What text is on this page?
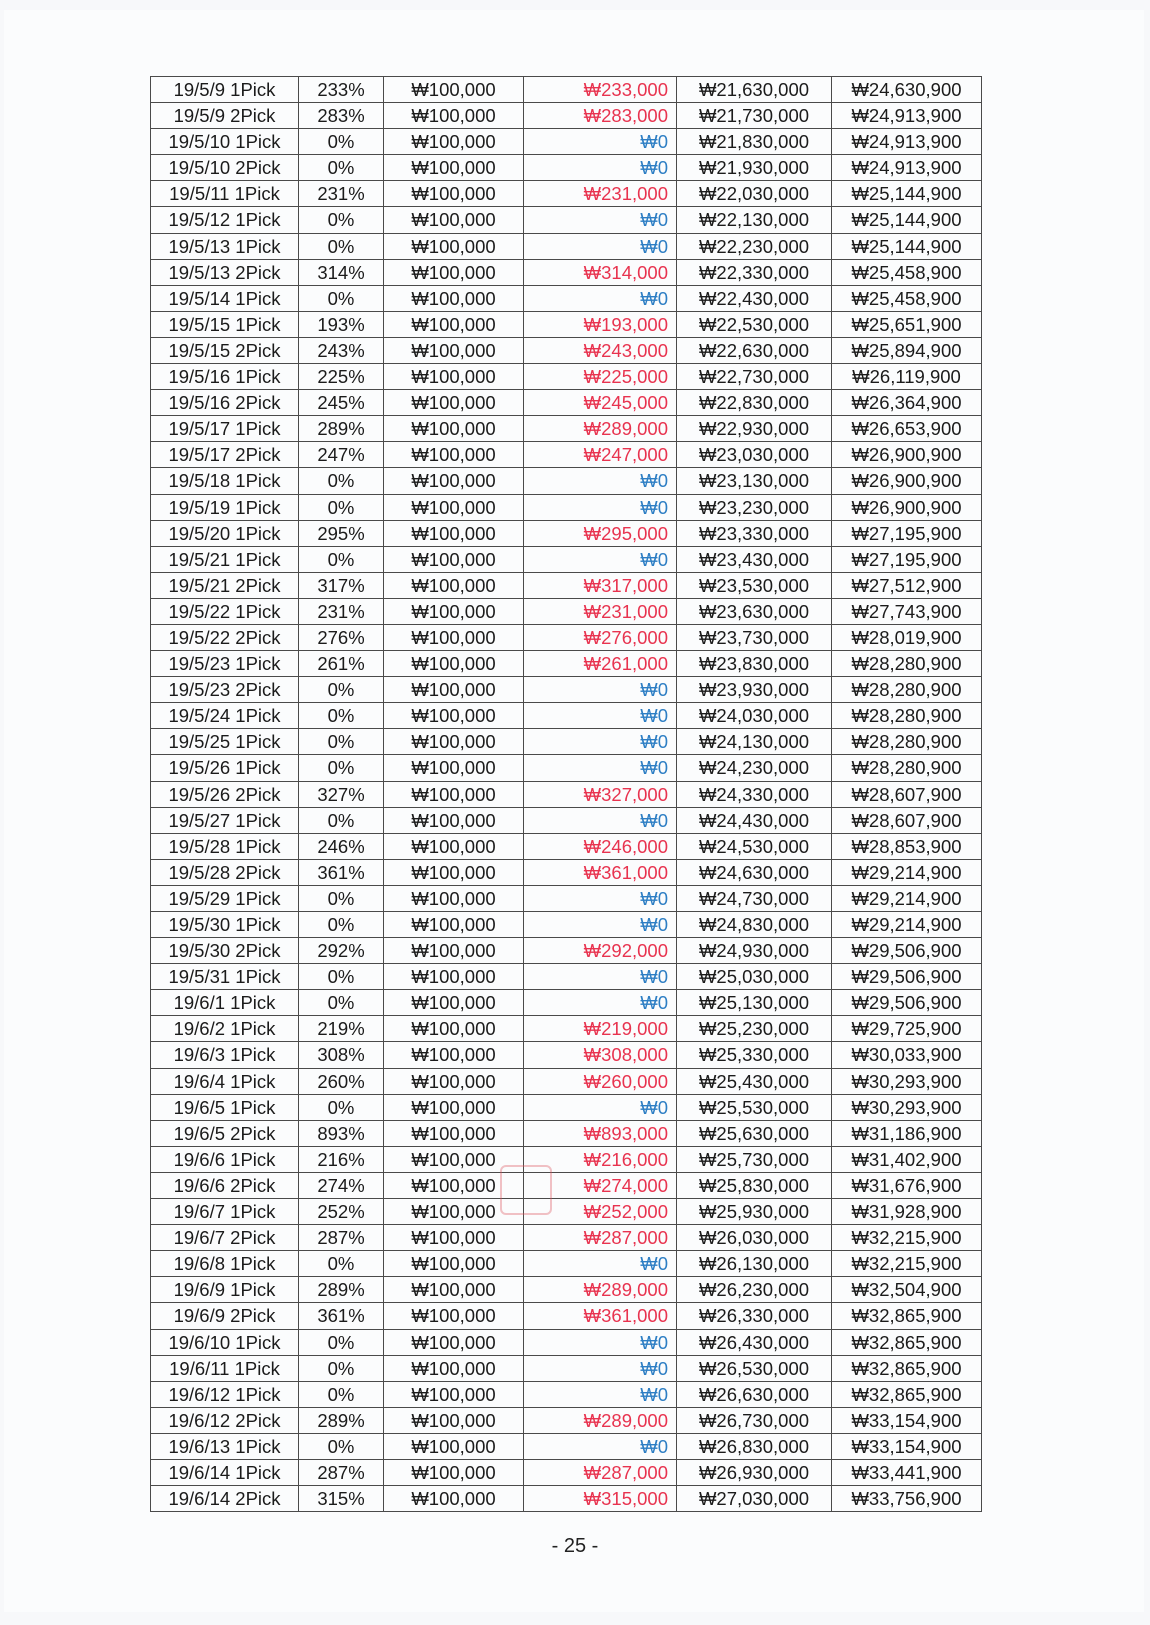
19/5/9 1Pick	233%	₩100,000	₩233,000	₩21,630,000	₩24,630,900
19/5/9 2Pick	283%	₩100,000	₩283,000	₩21,730,000	₩24,913,900
19/5/10 1Pick	0%	₩100,000	₩0	₩21,830,000	₩24,913,900
19/5/10 2Pick	0%	₩100,000	₩0	₩21,930,000	₩24,913,900
19/5/11 1Pick	231%	₩100,000	₩231,000	₩22,030,000	₩25,144,900
19/5/12 1Pick	0%	₩100,000	₩0	₩22,130,000	₩25,144,900
19/5/13 1Pick	0%	₩100,000	₩0	₩22,230,000	₩25,144,900
19/5/13 2Pick	314%	₩100,000	₩314,000	₩22,330,000	₩25,458,900
19/5/14 1Pick	0%	₩100,000	₩0	₩22,430,000	₩25,458,900
19/5/15 1Pick	193%	₩100,000	₩193,000	₩22,530,000	₩25,651,900
19/5/15 2Pick	243%	₩100,000	₩243,000	₩22,630,000	₩25,894,900
19/5/16 1Pick	225%	₩100,000	₩225,000	₩22,730,000	₩26,119,900
19/5/16 2Pick	245%	₩100,000	₩245,000	₩22,830,000	₩26,364,900
19/5/17 1Pick	289%	₩100,000	₩289,000	₩22,930,000	₩26,653,900
19/5/17 2Pick	247%	₩100,000	₩247,000	₩23,030,000	₩26,900,900
19/5/18 1Pick	0%	₩100,000	₩0	₩23,130,000	₩26,900,900
19/5/19 1Pick	0%	₩100,000	₩0	₩23,230,000	₩26,900,900
19/5/20 1Pick	295%	₩100,000	₩295,000	₩23,330,000	₩27,195,900
19/5/21 1Pick	0%	₩100,000	₩0	₩23,430,000	₩27,195,900
19/5/21 2Pick	317%	₩100,000	₩317,000	₩23,530,000	₩27,512,900
19/5/22 1Pick	231%	₩100,000	₩231,000	₩23,630,000	₩27,743,900
19/5/22 2Pick	276%	₩100,000	₩276,000	₩23,730,000	₩28,019,900
19/5/23 1Pick	261%	₩100,000	₩261,000	₩23,830,000	₩28,280,900
19/5/23 2Pick	0%	₩100,000	₩0	₩23,930,000	₩28,280,900
19/5/24 1Pick	0%	₩100,000	₩0	₩24,030,000	₩28,280,900
19/5/25 1Pick	0%	₩100,000	₩0	₩24,130,000	₩28,280,900
19/5/26 1Pick	0%	₩100,000	₩0	₩24,230,000	₩28,280,900
19/5/26 2Pick	327%	₩100,000	₩327,000	₩24,330,000	₩28,607,900
19/5/27 1Pick	0%	₩100,000	₩0	₩24,430,000	₩28,607,900
19/5/28 1Pick	246%	₩100,000	₩246,000	₩24,530,000	₩28,853,900
19/5/28 2Pick	361%	₩100,000	₩361,000	₩24,630,000	₩29,214,900
19/5/29 1Pick	0%	₩100,000	₩0	₩24,730,000	₩29,214,900
19/5/30 1Pick	0%	₩100,000	₩0	₩24,830,000	₩29,214,900
19/5/30 2Pick	292%	₩100,000	₩292,000	₩24,930,000	₩29,506,900
19/5/31 1Pick	0%	₩100,000	₩0	₩25,030,000	₩29,506,900
19/6/1 1Pick	0%	₩100,000	₩0	₩25,130,000	₩29,506,900
19/6/2 1Pick	219%	₩100,000	₩219,000	₩25,230,000	₩29,725,900
19/6/3 1Pick	308%	₩100,000	₩308,000	₩25,330,000	₩30,033,900
19/6/4 1Pick	260%	₩100,000	₩260,000	₩25,430,000	₩30,293,900
19/6/5 1Pick	0%	₩100,000	₩0	₩25,530,000	₩30,293,900
19/6/5 2Pick	893%	₩100,000	₩893,000	₩25,630,000	₩31,186,900
19/6/6 1Pick	216%	₩100,000	₩216,000	₩25,730,000	₩31,402,900
19/6/6 2Pick	274%	₩100,000	₩274,000	₩25,830,000	₩31,676,900
19/6/7 1Pick	252%	₩100,000	₩252,000	₩25,930,000	₩31,928,900
19/6/7 2Pick	287%	₩100,000	₩287,000	₩26,030,000	₩32,215,900
19/6/8 1Pick	0%	₩100,000	₩0	₩26,130,000	₩32,215,900
19/6/9 1Pick	289%	₩100,000	₩289,000	₩26,230,000	₩32,504,900
19/6/9 2Pick	361%	₩100,000	₩361,000	₩26,330,000	₩32,865,900
19/6/10 1Pick	0%	₩100,000	₩0	₩26,430,000	₩32,865,900
19/6/11 1Pick	0%	₩100,000	₩0	₩26,530,000	₩32,865,900
19/6/12 1Pick	0%	₩100,000	₩0	₩26,630,000	₩32,865,900
19/6/12 2Pick	289%	₩100,000	₩289,000	₩26,730,000	₩33,154,900
19/6/13 1Pick	0%	₩100,000	₩0	₩26,830,000	₩33,154,900
19/6/14 1Pick	287%	₩100,000	₩287,000	₩26,930,000	₩33,441,900
19/6/14 2Pick	315%	₩100,000	₩315,000	₩27,030,000	₩33,756,900
- 25 -
